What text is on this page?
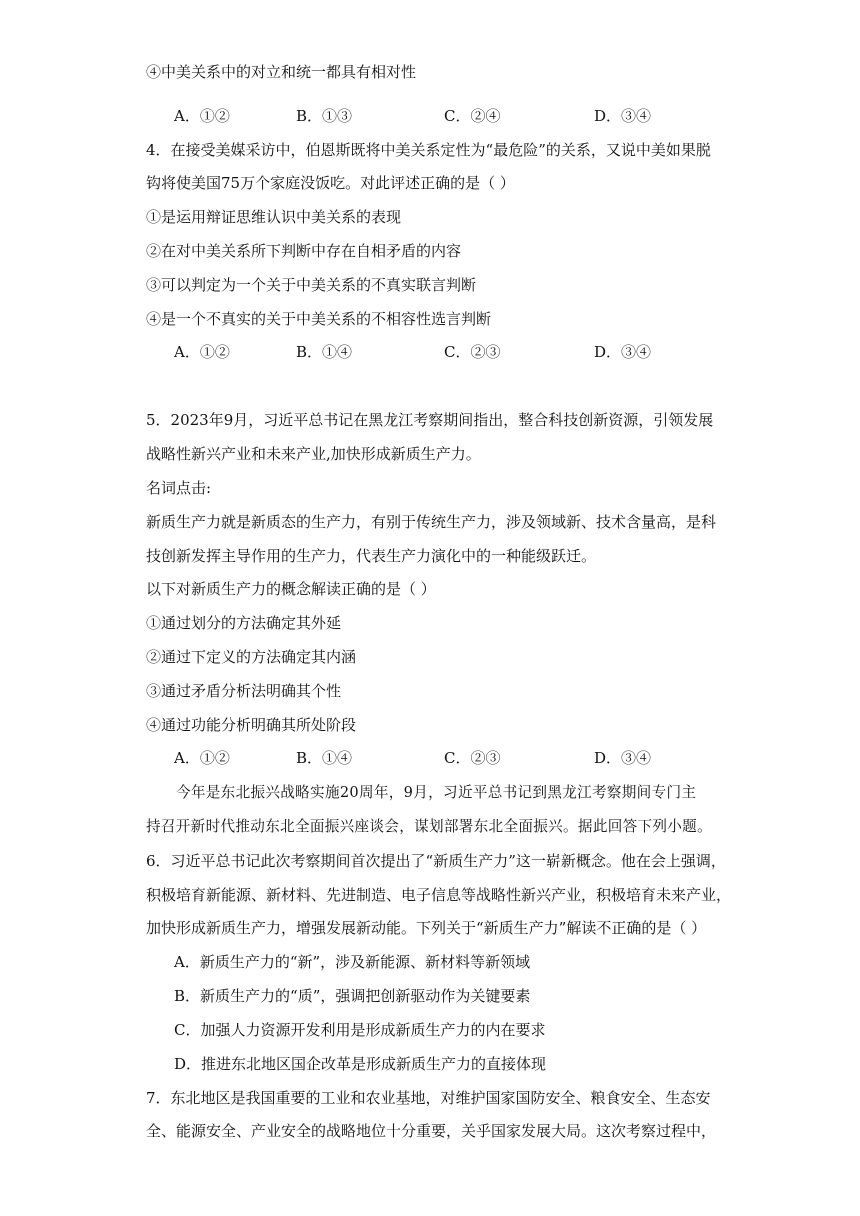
④中美关系中的对立和统一都具有相对性
A．①②	B．①③	C．②④	D．③④
4．在接受美媒采访中，伯恩斯既将中美关系定性为“最危险”的关系，又说中美如果脱
钩将使美国75万个家庭没饭吃。对此评述正确的是（ ）
①是运用辩证思维认识中美关系的表现
②在对中美关系所下判断中存在自相矛盾的内容
③可以判定为一个关于中美关系的不真实联言判断
④是一个不真实的关于中美关系的不相容性选言判断
A．①②	B．①④	C．②③	D．③④
5．2023年9月，习近平总书记在黑龙江考察期间指出，整合科技创新资源，引领发展
战略性新兴产业和未来产业,加快形成新质生产力。
名词点击:
新质生产力就是新质态的生产力，有别于传统生产力，涉及领域新、技术含量高，是科
技创新发挥主导作用的生产力，代表生产力演化中的一种能级跃迁。
以下对新质生产力的概念解读正确的是（ ）
①通过划分的方法确定其外延
②通过下定义的方法确定其内涵
③通过矛盾分析法明确其个性
④通过功能分析明确其所处阶段
A．①②	B．①④	C．②③	D．③④
今年是东北振兴战略实施20周年，9月，习近平总书记到黑龙江考察期间专门主
持召开新时代推动东北全面振兴座谈会，谋划部署东北全面振兴。据此回答下列小题。
6．习近平总书记此次考察期间首次提出了“新质生产力”这一崭新概念。他在会上强调，
积极培育新能源、新材料、先进制造、电子信息等战略性新兴产业，积极培育未来产业，
加快形成新质生产力，增强发展新动能。下列关于“新质生产力”解读不正确的是（ ）
A．新质生产力的“新”，涉及新能源、新材料等新领域
B．新质生产力的“质”，强调把创新驱动作为关键要素
C．加强人力资源开发利用是形成新质生产力的内在要求
D．推进东北地区国企改革是形成新质生产力的直接体现
7．东北地区是我国重要的工业和农业基地，对维护国家国防安全、粮食安全、生态安
全、能源安全、产业安全的战略地位十分重要，关乎国家发展大局。这次考察过程中，
